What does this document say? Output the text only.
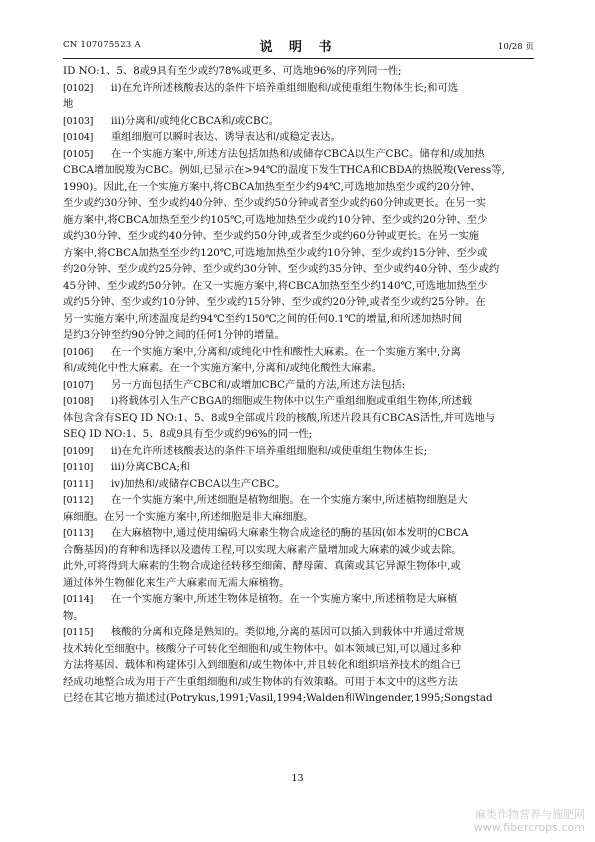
CN 107075523 A	说 明 书	10/28 页
ID NO:1、5、8或9具有至少或约78%或更多、可选地96%的序列同一性;
[0102] ii)在允许所述核酸表达的条件下培养重组细胞和/或使重组生物体生长;和可选
地
[0103] iii)分离和/或纯化CBCA和/或CBC。
[0104] 重组细胞可以瞬时表达、诱导表达和/或稳定表达。
[0105] 在一个实施方案中,所述方法包括加热和/或储存CBCA以生产CBC。储存和/或加热
CBCA增加脱羧为CBC。例如,已显示在>94℃的温度下发生THCA和CBDA的热脱羧(Veress等,
1990)。因此,在一个实施方案中,将CBCA加热至至少约94℃,可选地加热至少或约20分钟、
至少或约30分钟、至少或约40分钟、至少或约50分钟或者至少或约60分钟或更长。在另一实
施方案中,将CBCA加热至至少约105℃,可选地加热至少或约10分钟、至少或约20分钟、至少
或约30分钟、至少或约40分钟、至少或约50分钟,或者至少或约60分钟或更长。在另一实施
方案中,将CBCA加热至至少约120℃,可选地加热至少或约10分钟、至少或约15分钟、至少或
约20分钟、至少或约25分钟、至少或约30分钟、至少或约35分钟、至少或约40分钟、至少或约
45分钟、至少或约50分钟。在又一实施方案中,将CBCA加热至至少约140℃,可选地加热至少
或约5分钟、至少或约10分钟、至少或约15分钟、至少或约20分钟,或者至少或约25分钟。在
另一实施方案中,所述温度是约94℃至约150℃之间的任何0.1℃的增量,和所述加热时间
是约3分钟至约90分钟之间的任何1分钟的增量。
[0106] 在一个实施方案中,分离和/或纯化中性和酸性大麻素。在一个实施方案中,分离
和/或纯化中性大麻素。在一个实施方案中,分离和/或纯化酸性大麻素。
[0107] 另一方面包括生产CBC和/或增加CBC产量的方法,所述方法包括:
[0108] i)将载体引入生产CBGA的细胞或生物体中以生产重组细胞或重组生物体,所述载
体包含含有SEQ ID NO:1、5、8或9全部或片段的核酸,所述片段具有CBCAS活性,并可选地与
SEQ ID NO:1、5、8或9具有至少或约96%的同一性;
[0109] ii)在允许所述核酸表达的条件下培养重组细胞和/或使重组生物体生长;
[0110] iii)分离CBCA;和
[0111] iv)加热和/或储存CBCA以生产CBC。
[0112] 在一个实施方案中,所述细胞是植物细胞。在一个实施方案中,所述植物细胞是大
麻细胞。在另一个实施方案中,所述细胞是非大麻细胞。
[0113] 在大麻植物中,通过使用编码大麻素生物合成途径的酶的基因(如本发明的CBCA
合酶基因)的育种和选择以及遗传工程,可以实现大麻素产量增加或大麻素的减少或去除。
此外,可将得到大麻素的生物合成途径转移至细菌、酵母菌、真菌或其它异源生物体中,或
通过体外生物催化来生产大麻素而无需大麻植物。
[0114] 在一个实施方案中,所述生物体是植物。在一个实施方案中,所述植物是大麻植
物。
[0115] 核酸的分离和克隆是熟知的。类似地,分离的基因可以插入到载体中并通过常规
技术转化至细胞中。核酸分子可转化至细胞和/或生物体中。如本领域已知,可以通过多种
方法将基因、载体和构建体引入到细胞和/或生物体中,并且转化和组织培养技术的组合已
经成功地整合成为用于产生重组细胞和/或生物体的有效策略。可用于本文中的这些方法
已经在其它地方描述过(Potrykus,1991;Vasil,1994;Walden和Wingender,1995;Songstad
13
麻类作物营养与施肥网
www.fibercrops.com
